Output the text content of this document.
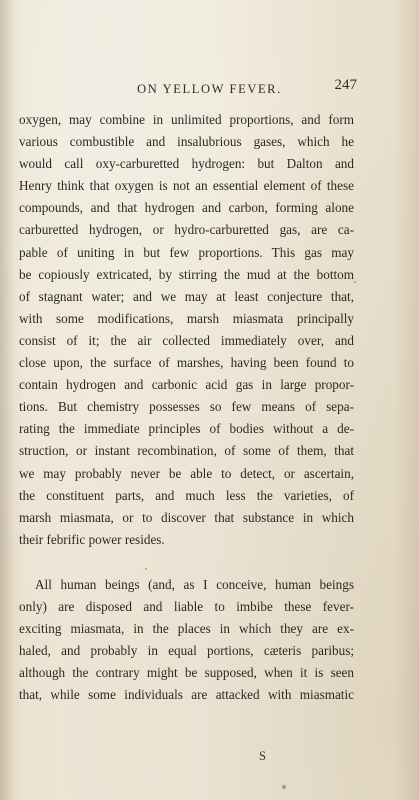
ON YELLOW FEVER.	247
oxygen, may combine in unlimited proportions, and form
various combustible and insalubrious gases, which he
would call oxy-carburetted hydrogen: but Dalton and
Henry think that oxygen is not an essential element of these
compounds, and that hydrogen and carbon, forming alone
carburetted hydrogen, or hydro-carburetted gas, are ca-
pable of uniting in but few proportions. This gas may
be copiously extricated, by stirring the mud at the bottom
of stagnant water; and we may at least conjecture that,
with some modifications, marsh miasmata principally
consist of it; the air collected immediately over, and
close upon, the surface of marshes, having been found to
contain hydrogen and carbonic acid gas in large propor-
tions. But chemistry possesses so few means of sepa-
rating the immediate principles of bodies without a de-
struction, or instant recombination, of some of them, that
we may probably never be able to detect, or ascertain,
the constituent parts, and much less the varieties, of
marsh miasmata, or to discover that substance in which
their febrific power resides.
All human beings (and, as I conceive, human beings
only) are disposed and liable to imbibe these fever-
exciting miasmata, in the places in which they are ex-
haled, and probably in equal portions, cæteris paribus;
although the contrary might be supposed, when it is seen
that, while some individuals are attacked with miasmatic
S
